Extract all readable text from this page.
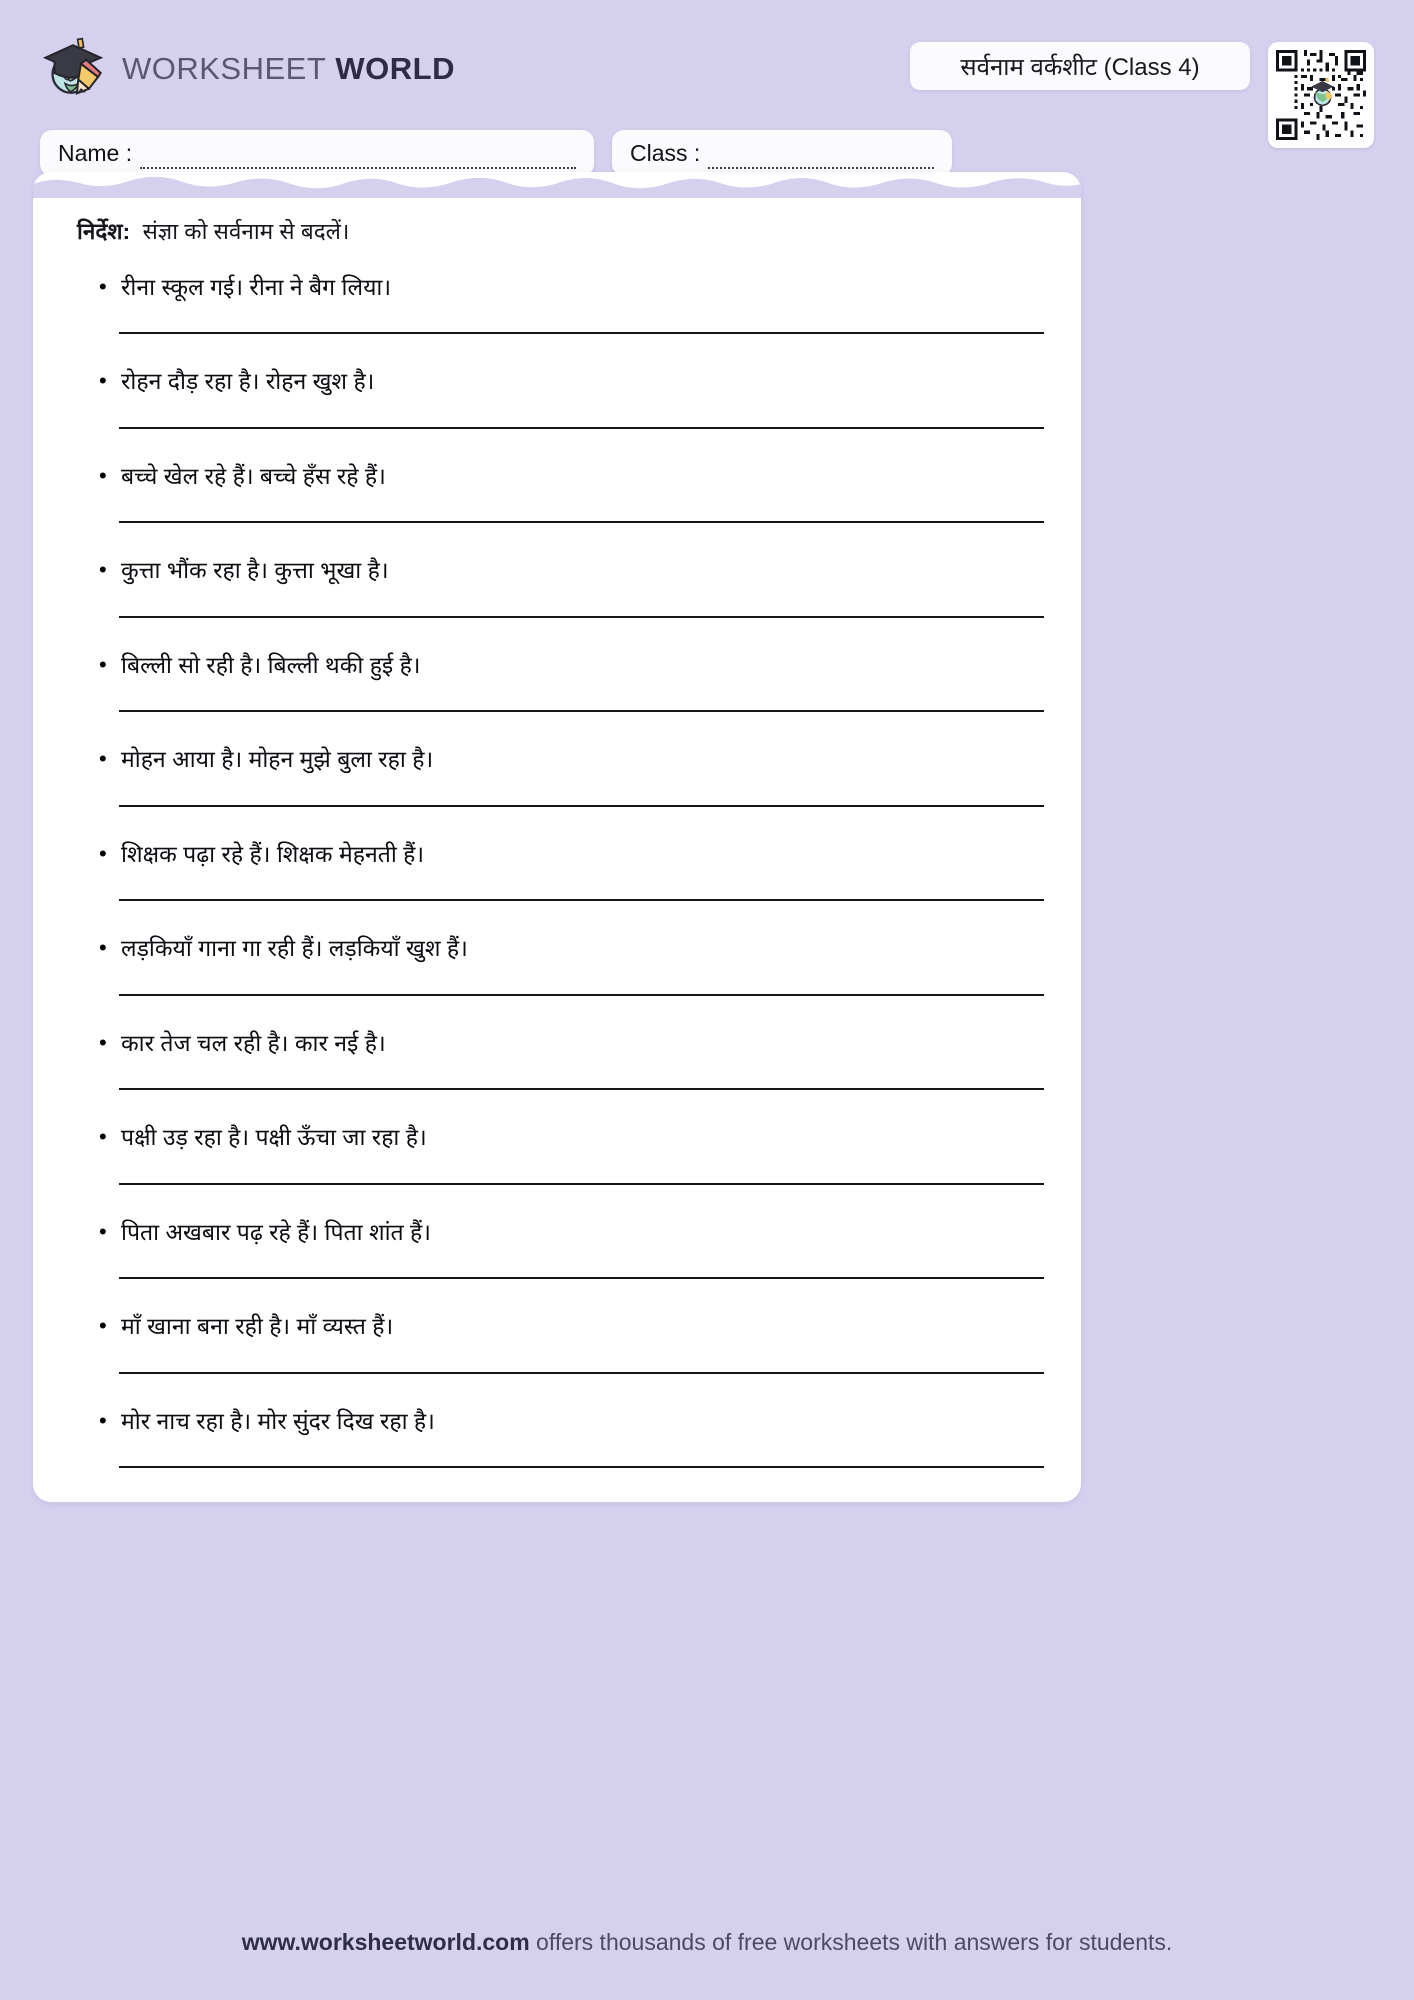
WORKSHEET WORLD	सर्वनाम वर्कशीट (Class 4)
Name :	Class :
निर्देश: संज्ञा को सर्वनाम से बदलें।
• रीना स्कूल गई। रीना ने बैग लिया।
• रोहन दौड़ रहा है। रोहन खुश है।
• बच्चे खेल रहे हैं। बच्चे हँस रहे हैं।
• कुत्ता भौंक रहा है। कुत्ता भूखा है।
• बिल्ली सो रही है। बिल्ली थकी हुई है।
• मोहन आया है। मोहन मुझे बुला रहा है।
• शिक्षक पढ़ा रहे हैं। शिक्षक मेहनती हैं।
• लड़कियाँ गाना गा रही हैं। लड़कियाँ खुश हैं।
• कार तेज चल रही है। कार नई है।
• पक्षी उड़ रहा है। पक्षी ऊँचा जा रहा है।
• पिता अखबार पढ़ रहे हैं। पिता शांत हैं।
• माँ खाना बना रही है। माँ व्यस्त हैं।
• मोर नाच रहा है। मोर सुंदर दिख रहा है।
www.worksheetworld.com offers thousands of free worksheets with answers for students.
